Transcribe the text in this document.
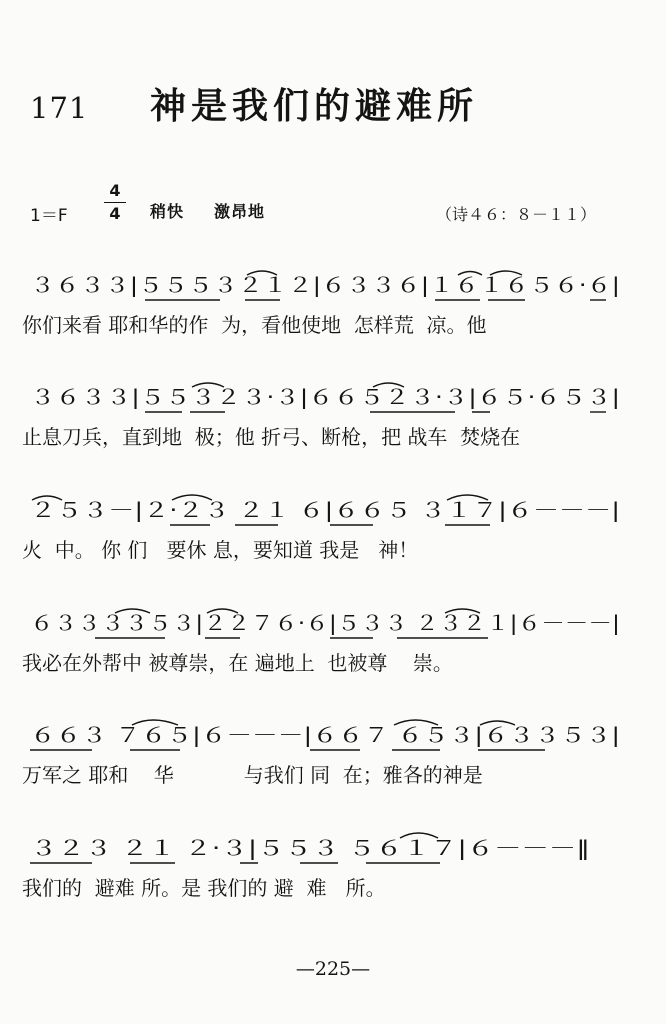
171 神是我们的避难所
1＝F
4
4	稍快 激昂地	（诗４６：８－１１）
３６３３|５５５３２１２|６３３６|１６１６５６·６|
你们来看 耶和华的作  为，看他使地  怎样荒  凉。他
３６３３|５５３２３·３|６６５２３·３|６５·６５３|
止息刀兵，直到地  极；他 折弓、断枪，把 战车  焚烧在
２５３－|２·２３ ２１ ６|６６５ ３１７|６－－－|
火  中。 你 们   要休 息，要知道 我是   神！
６３３３３５３|２２７６·６|５３３ ２３２１|６－－－|
我必在外帮中 被尊崇，在 遍地上  也被尊    崇。
６６３ ７６５|６－－－|６６７ ６５３|６３３５３|
万军之 耶和    华           与我们 同  在；雅各的神是
３２３ ２１ ２·３|５５３ ５６１７|６－－－‖
我们的  避难 所。是 我们的 避  难   所。
—225—
